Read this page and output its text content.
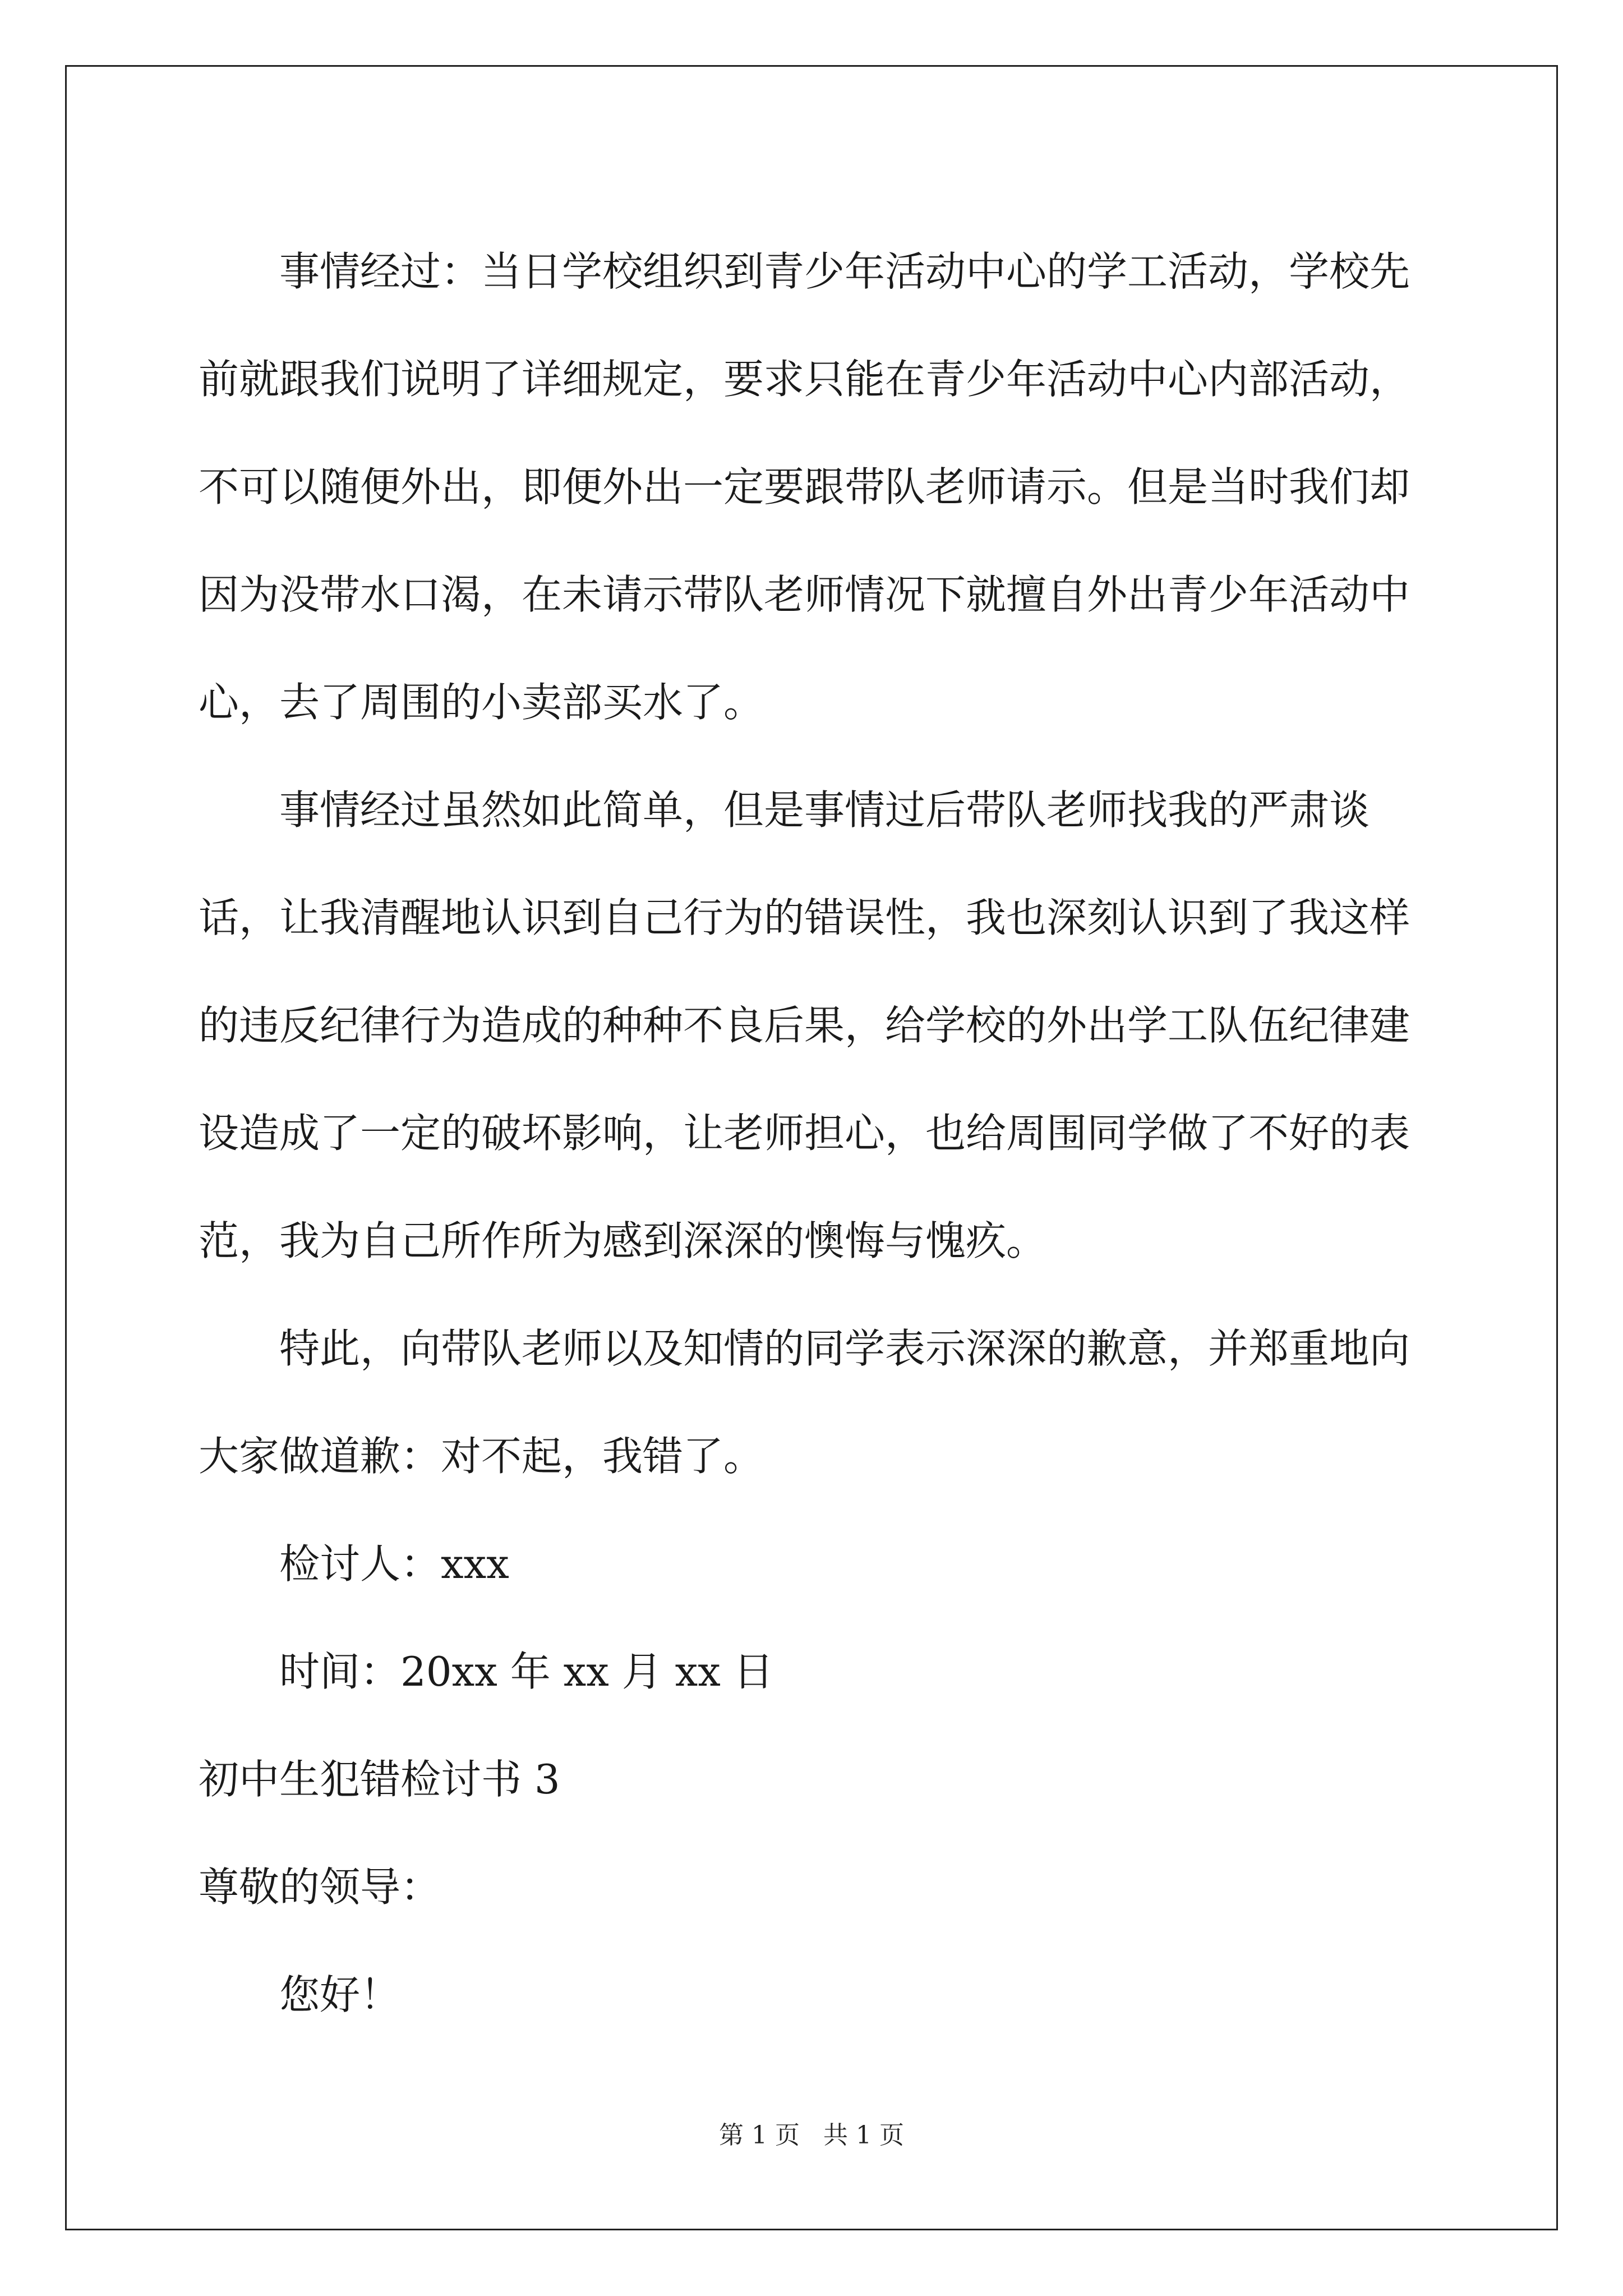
事情经过：当日学校组织到青少年活动中心的学工活动，学校先前就跟我们说明了详细规定，要求只能在青少年活动中心内部活动，不可以随便外出，即便外出一定要跟带队老师请示。但是当时我们却因为没带水口渴，在未请示带队老师情况下就擅自外出青少年活动中心，去了周围的小卖部买水了。

事情经过虽然如此简单，但是事情过后带队老师找我的严肃谈话，让我清醒地认识到自己行为的错误性，我也深刻认识到了我这样的违反纪律行为造成的种种不良后果，给学校的外出学工队伍纪律建设造成了一定的破坏影响，让老师担心，也给周围同学做了不好的表范，我为自己所作所为感到深深的懊悔与愧疚。

特此，向带队老师以及知情的同学表示深深的歉意，并郑重地向大家做道歉：对不起，我错了。

检讨人：xxx
时间：20xx 年 xx 月 xx 日
初中生犯错检讨书 3
尊敬的领导：
您好！
第 1 页   共 1 页
